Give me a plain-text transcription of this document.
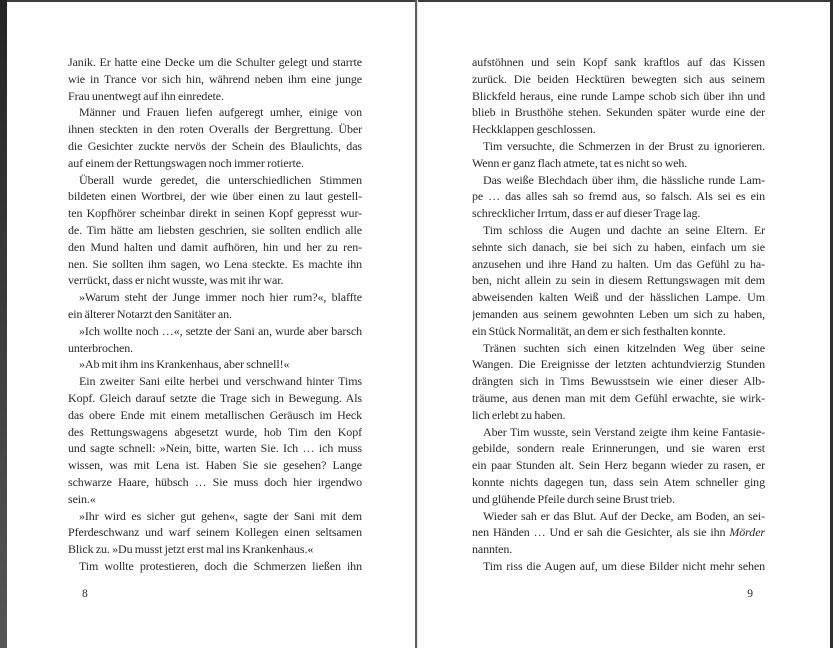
Janik. Er hatte eine Decke um die Schulter gelegt und starrte
wie in Trance vor sich hin, während neben ihm eine junge
Frau unentwegt auf ihn einredete.
Männer und Frauen liefen aufgeregt umher, einige von
ihnen steckten in den roten Overalls der Bergrettung. Über
die Gesichter zuckte nervös der Schein des Blaulichts, das
auf einem der Rettungswagen noch immer rotierte.
Überall wurde geredet, die unterschiedlichen Stimmen
bildeten einen Wortbrei, der wie über einen zu laut gestell-
ten Kopfhörer scheinbar direkt in seinen Kopf gepresst wur-
de. Tim hätte am liebsten geschrien, sie sollten endlich alle
den Mund halten und damit aufhören, hin und her zu ren-
nen. Sie sollten ihm sagen, wo Lena steckte. Es machte ihn
verrückt, dass er nicht wusste, was mit ihr war.
»Warum steht der Junge immer noch hier rum?«, blaffte
ein älterer Notarzt den Sanitäter an.
»Ich wollte noch …«, setzte der Sani an, wurde aber barsch
unterbrochen.
»Ab mit ihm ins Krankenhaus, aber schnell!«
Ein zweiter Sani eilte herbei und verschwand hinter Tims
Kopf. Gleich darauf setzte die Trage sich in Bewegung. Als
das obere Ende mit einem metallischen Geräusch im Heck
des Rettungswagens abgesetzt wurde, hob Tim den Kopf
und sagte schnell: »Nein, bitte, warten Sie. Ich … ich muss
wissen, was mit Lena ist. Haben Sie sie gesehen? Lange
schwarze Haare, hübsch … Sie muss doch hier irgendwo
sein.«
»Ihr wird es sicher gut gehen«, sagte der Sani mit dem
Pferdeschwanz und warf seinem Kollegen einen seltsamen
Blick zu. »Du musst jetzt erst mal ins Krankenhaus.«
Tim wollte protestieren, doch die Schmerzen ließen ihn
8
aufstöhnen und sein Kopf sank kraftlos auf das Kissen
zurück. Die beiden Hecktüren bewegten sich aus seinem
Blickfeld heraus, eine runde Lampe schob sich über ihn und
blieb in Brusthöhe stehen. Sekunden später wurde eine der
Heckklappen geschlossen.
Tim versuchte, die Schmerzen in der Brust zu ignorieren.
Wenn er ganz flach atmete, tat es nicht so weh.
Das weiße Blechdach über ihm, die hässliche runde Lam-
pe … das alles sah so fremd aus, so falsch. Als sei es ein
schrecklicher Irrtum, dass er auf dieser Trage lag.
Tim schloss die Augen und dachte an seine Eltern. Er
sehnte sich danach, sie bei sich zu haben, einfach um sie
anzusehen und ihre Hand zu halten. Um das Gefühl zu ha-
ben, nicht allein zu sein in diesem Rettungswagen mit dem
abweisenden kalten Weiß und der hässlichen Lampe. Um
jemanden aus seinem gewohnten Leben um sich zu haben,
ein Stück Normalität, an dem er sich festhalten konnte.
Tränen suchten sich einen kitzelnden Weg über seine
Wangen. Die Ereignisse der letzten achtundvierzig Stunden
drängten sich in Tims Bewusstsein wie einer dieser Alb-
träume, aus denen man mit dem Gefühl erwachte, sie wirk-
lich erlebt zu haben.
Aber Tim wusste, sein Verstand zeigte ihm keine Fantasie-
gebilde, sondern reale Erinnerungen, und sie waren erst
ein paar Stunden alt. Sein Herz begann wieder zu rasen, er
konnte nichts dagegen tun, dass sein Atem schneller ging
und glühende Pfeile durch seine Brust trieb.
Wieder sah er das Blut. Auf der Decke, am Boden, an sei-
nen Händen … Und er sah die Gesichter, als sie ihn Mörder
nannten.
Tim riss die Augen auf, um diese Bilder nicht mehr sehen
9
